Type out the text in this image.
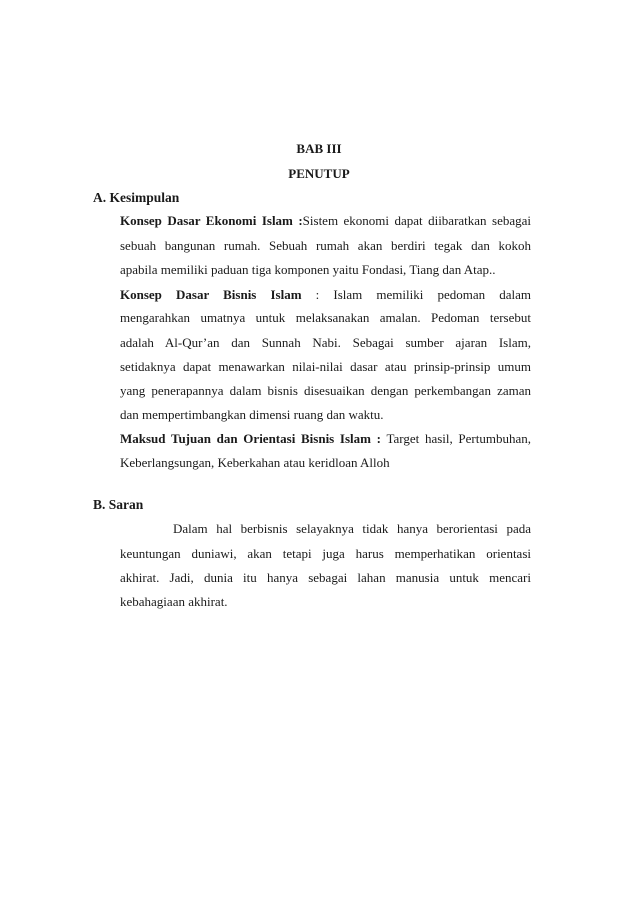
BAB III
PENUTUP
A. Kesimpulan
Konsep Dasar Ekonomi Islam :Sistem ekonomi dapat diibaratkan sebagai
sebuah bangunan rumah. Sebuah rumah akan berdiri tegak dan kokoh
apabila memiliki paduan tiga komponen yaitu Fondasi, Tiang dan Atap..
Konsep Dasar Bisnis Islam : Islam memiliki pedoman dalam
mengarahkan umatnya untuk melaksanakan amalan. Pedoman tersebut
adalah Al-Qur’an dan Sunnah Nabi. Sebagai sumber ajaran Islam,
setidaknya dapat menawarkan nilai-nilai dasar atau prinsip-prinsip umum
yang penerapannya dalam bisnis disesuaikan dengan perkembangan zaman
dan mempertimbangkan dimensi ruang dan waktu.
Maksud Tujuan dan Orientasi Bisnis Islam : Target hasil, Pertumbuhan,
Keberlangsungan, Keberkahan atau keridloan Alloh
B. Saran
Dalam hal berbisnis selayaknya tidak hanya berorientasi pada
keuntungan duniawi, akan tetapi juga harus memperhatikan orientasi
akhirat. Jadi, dunia itu hanya sebagai lahan manusia untuk mencari
kebahagiaan akhirat.
